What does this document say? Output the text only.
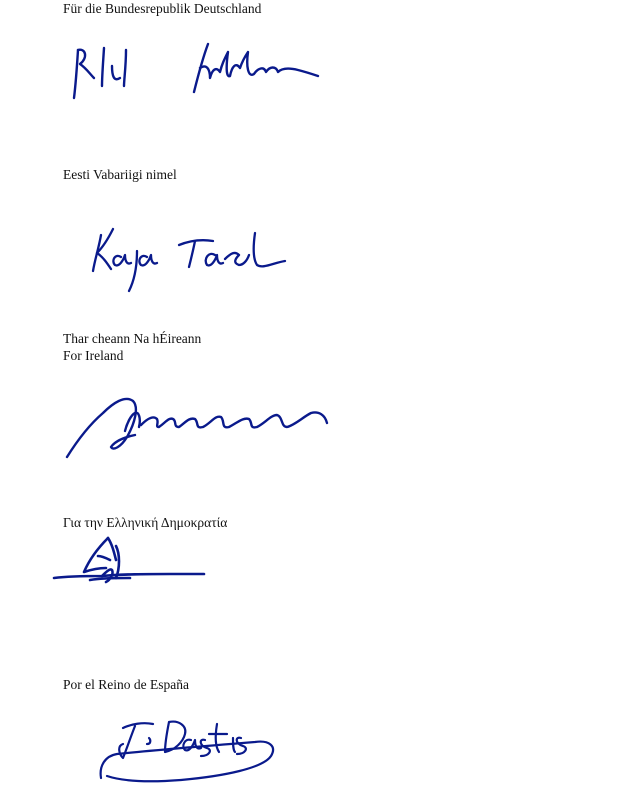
Für die Bundesrepublik Deutschland
Eesti Vabariigi nimel
Thar cheann Na hÉireann
For Ireland
Για την Ελληνική Δημοκρατία
Por el Reino de España
